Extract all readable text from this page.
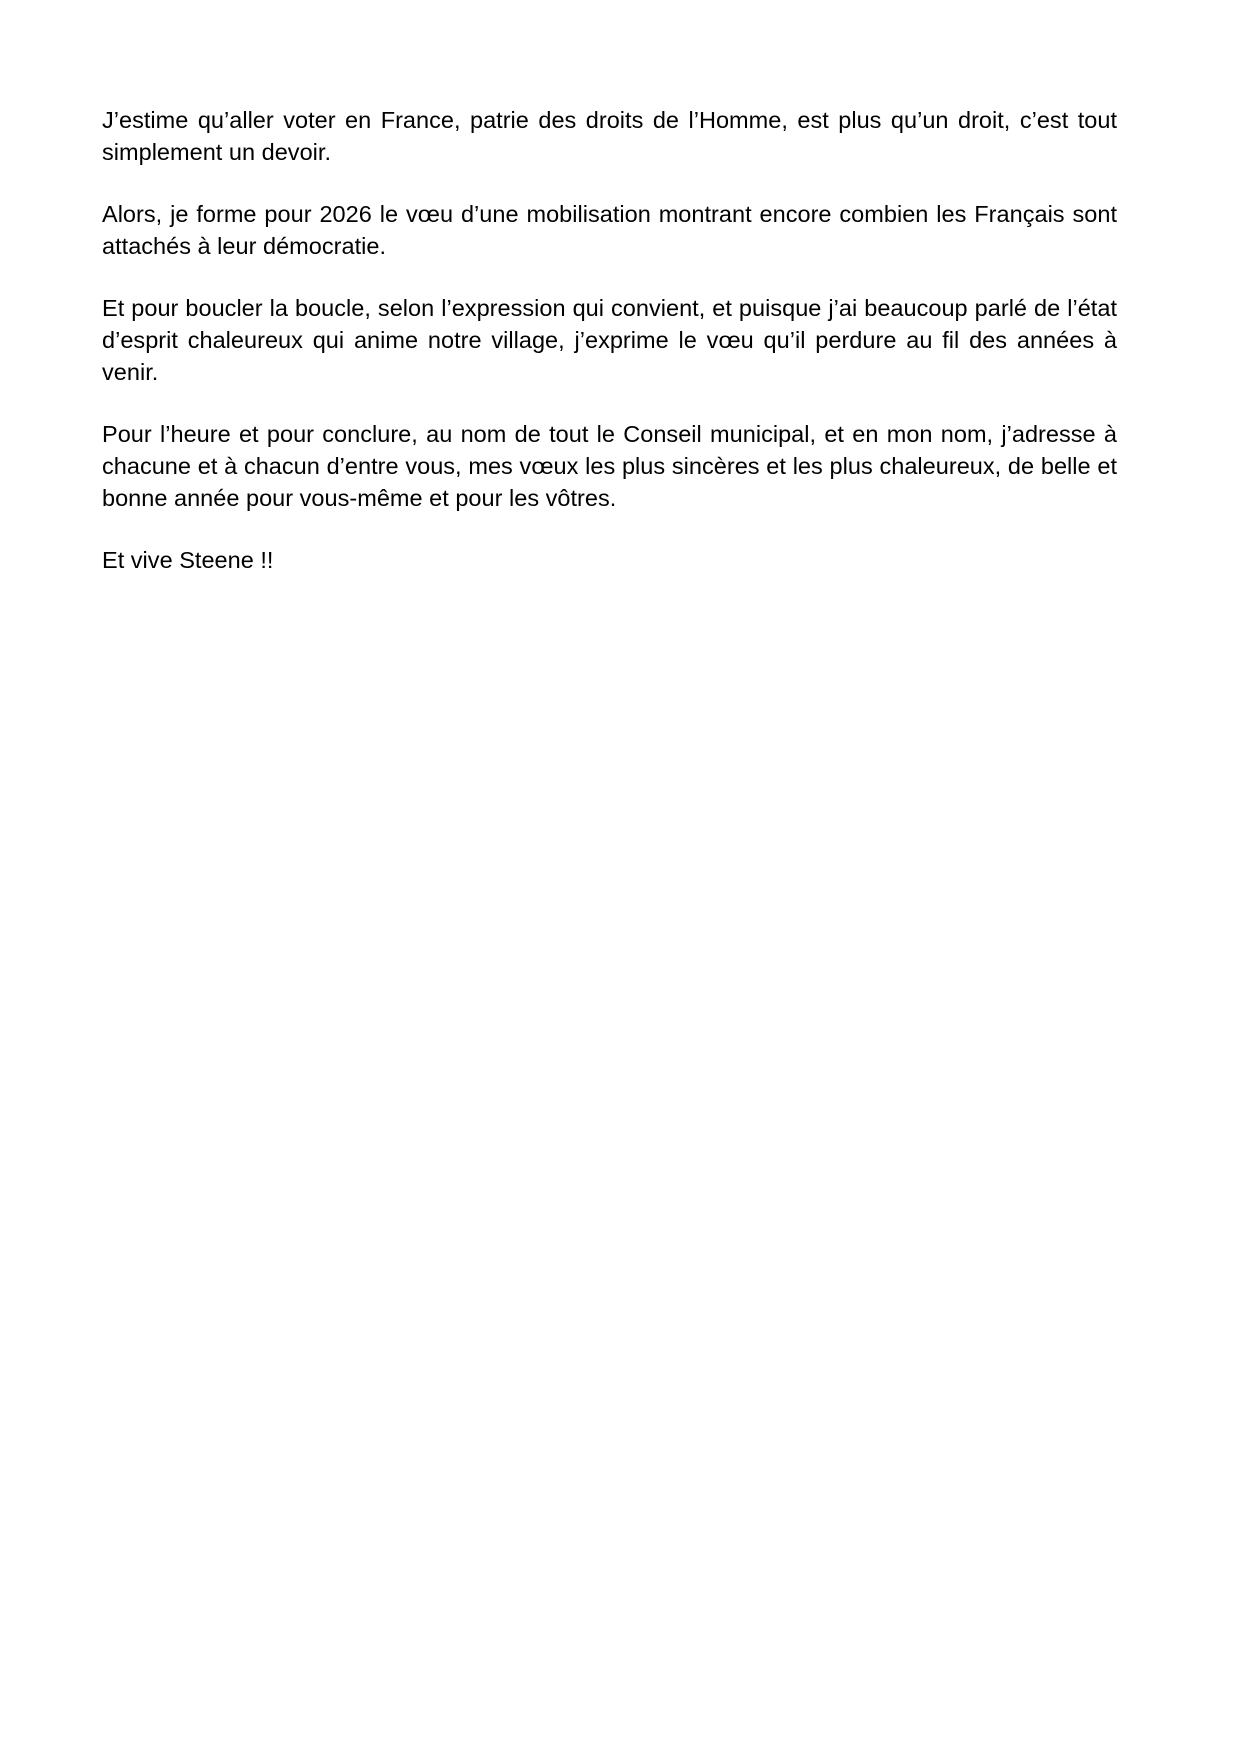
J’estime qu’aller voter en France, patrie des droits de l’Homme, est plus qu’un droit, c’est tout simplement un devoir.

Alors, je forme pour 2026 le vœu d’une mobilisation montrant encore combien les Français sont attachés à leur démocratie.

Et pour boucler la boucle, selon l’expression qui convient, et puisque j’ai beaucoup parlé de l’état d’esprit chaleureux qui anime notre village, j’exprime le vœu qu’il perdure au fil des années à venir.

Pour l’heure et pour conclure, au nom de tout le Conseil municipal, et en mon nom, j’adresse à chacune et à chacun d’entre vous, mes vœux les plus sincères et les plus chaleureux, de belle et bonne année pour vous-même et pour les vôtres.

Et vive Steene !!
